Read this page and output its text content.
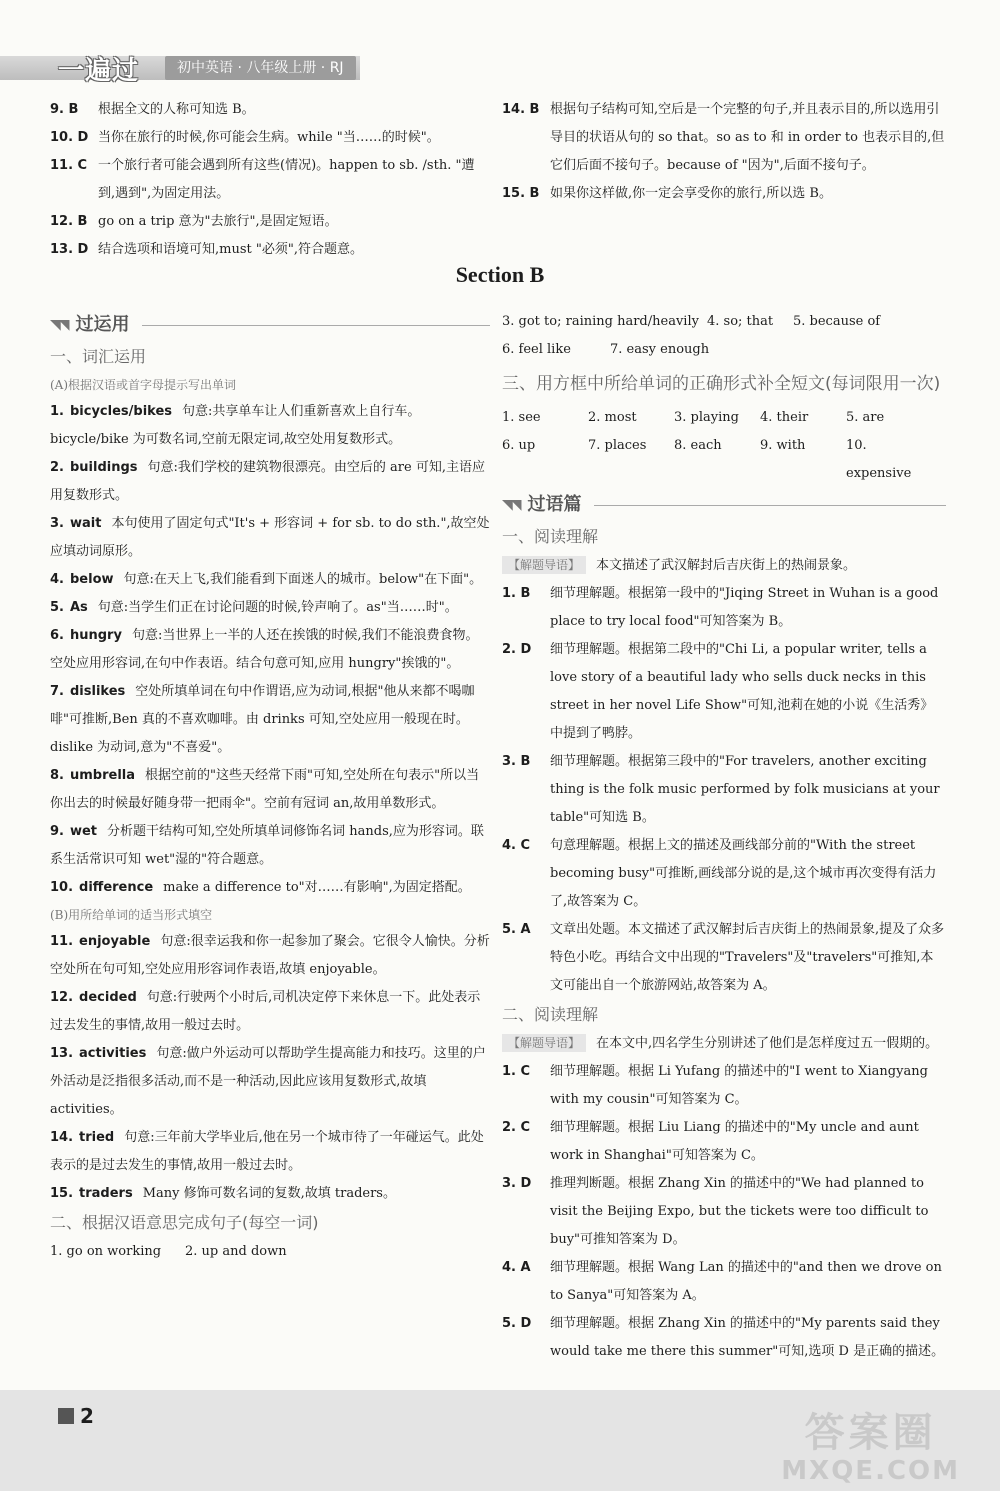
一遍过	初中英语 · 八年级上册 · RJ
9. B 根据全文的人称可知选 B。
10. D 当你在旅行的时候,你可能会生病。while "当……的时候"。
11. C 一个旅行者可能会遇到所有这些(情况)。happen to sb. /sth. "遭到,遇到",为固定用法。
12. B go on a trip 意为"去旅行",是固定短语。
13. D 结合选项和语境可知,must "必须",符合题意。
14. B 根据句子结构可知,空后是一个完整的句子,并且表示目的,所以选用引导目的状语从句的 so that。so as to 和 in order to 也表示目的,但它们后面不接句子。because of "因为",后面不接句子。
15. B 如果你这样做,你一定会享受你的旅行,所以选 B。
Section B
◥◥ 过运用
一、词汇运用
(A)根据汉语或首字母提示写出单词
1. bicycles/bikes 句意:共享单车让人们重新喜欢上自行车。bicycle/bike 为可数名词,空前无限定词,故空处用复数形式。
2. buildings 句意:我们学校的建筑物很漂亮。由空后的 are 可知,主语应用复数形式。
3. wait 本句使用了固定句式"It's + 形容词 + for sb. to do sth.",故空处应填动词原形。
4. below 句意:在天上飞,我们能看到下面迷人的城市。below"在下面"。
5. As 句意:当学生们正在讨论问题的时候,铃声响了。as"当……时"。
6. hungry 句意:当世界上一半的人还在挨饿的时候,我们不能浪费食物。空处应用形容词,在句中作表语。结合句意可知,应用 hungry"挨饿的"。
7. dislikes 空处所填单词在句中作谓语,应为动词,根据"他从来都不喝咖啡"可推断,Ben 真的不喜欢咖啡。由 drinks 可知,空处应用一般现在时。dislike 为动词,意为"不喜爱"。
8. umbrella 根据空前的"这些天经常下雨"可知,空处所在句表示"所以当你出去的时候最好随身带一把雨伞"。空前有冠词 an,故用单数形式。
9. wet 分析题干结构可知,空处所填单词修饰名词 hands,应为形容词。联系生活常识可知 wet"湿的"符合题意。
10. difference make a difference to"对……有影响",为固定搭配。
(B)用所给单词的适当形式填空
11. enjoyable 句意:很幸运我和你一起参加了聚会。它很令人愉快。分析空处所在句可知,空处应用形容词作表语,故填 enjoyable。
12. decided 句意:行驶两个小时后,司机决定停下来休息一下。此处表示过去发生的事情,故用一般过去时。
13. activities 句意:做户外运动可以帮助学生提高能力和技巧。这里的户外活动是泛指很多活动,而不是一种活动,因此应该用复数形式,故填 activities。
14. tried 句意:三年前大学毕业后,他在另一个城市待了一年碰运气。此处表示的是过去发生的事情,故用一般过去时。
15. traders Many 修饰可数名词的复数,故填 traders。
二、根据汉语意思完成句子(每空一词)
1. go on working	2. up and down
3. got to; raining hard/heavily 4. so; that	5. because of
6. feel like	7. easy enough
三、用方框中所给单词的正确形式补全短文(每词限用一次)
1. see	2. most	3. playing	4. their	5. are
6. up	7. places	8. each	9. with	10. expensive
◥◥ 过语篇
一、阅读理解
【解题导语】 本文描述了武汉解封后吉庆街上的热闹景象。
1. B 细节理解题。根据第一段中的"Jiqing Street in Wuhan is a good place to try local food"可知答案为 B。
2. D 细节理解题。根据第二段中的"Chi Li, a popular writer, tells a love story of a beautiful lady who sells duck necks in this street in her novel Life Show"可知,池莉在她的小说《生活秀》中提到了鸭脖。
3. B 细节理解题。根据第三段中的"For travelers, another exciting thing is the folk music performed by folk musicians at your table"可知选 B。
4. C 句意理解题。根据上文的描述及画线部分前的"With the street becoming busy"可推断,画线部分说的是,这个城市再次变得有活力了,故答案为 C。
5. A 文章出处题。本文描述了武汉解封后吉庆街上的热闹景象,提及了众多特色小吃。再结合文中出现的"Travelers"及"travelers"可推知,本文可能出自一个旅游网站,故答案为 A。
二、阅读理解
【解题导语】 在本文中,四名学生分别讲述了他们是怎样度过五一假期的。
1. C 细节理解题。根据 Li Yufang 的描述中的"I went to Xiangyang with my cousin"可知答案为 C。
2. C 细节理解题。根据 Liu Liang 的描述中的"My uncle and aunt work in Shanghai"可知答案为 C。
3. D 推理判断题。根据 Zhang Xin 的描述中的"We had planned to visit the Beijing Expo, but the tickets were too difficult to buy"可推知答案为 D。
4. A 细节理解题。根据 Wang Lan 的描述中的"and then we drove on to Sanya"可知答案为 A。
5. D 细节理解题。根据 Zhang Xin 的描述中的"My parents said they would take me there this summer"可知,选项 D 是正确的描述。
2	答案圈
MXQE.COM
